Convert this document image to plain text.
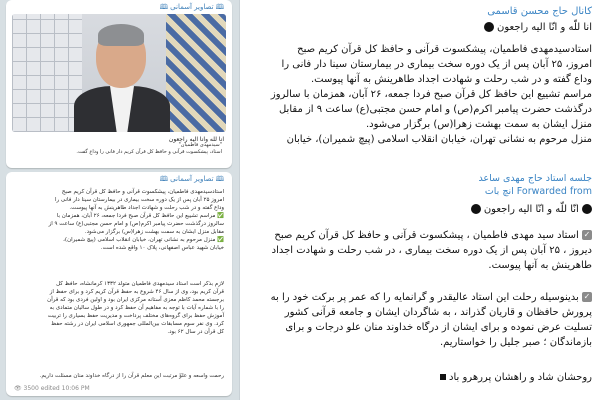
🕮 تصاویر آسمانی 🕮
انا لله وانا الیه راجعون
"سیدمهدی فاطمیان"
استاد، پیشکسوت قرآنی و حافظ کل قرآن کریم دار فانی را وداع گفت.
🕮 تصاویر آسمانی 🕮
استادسیدمهدی فاطمیان، پیشکسوت قرآنی و حافظ کل قرآن کریم صبح
امروز ۲۵ آبان پس از یک دوره سخت بیماری در بیمارستان سینا دار فانی را
وداع گفته و در شب رحلت و شهادت اجداد طاهرینش به آنها پیوست.
✅ مراسم تشییع این حافظ کل قرآن صبح فردا جمعه، ۲۶ آبان، همزمان با
سالروز درگذشت حضرت پیامبر اکرم(ص) و امام حسن مجتبی(ع) ساعت ۹ از
مقابل منزل ایشان به سمت بهشت زهرا(س) برگزار می‌شود.
✅ منزل مرحوم به نشانی تهران، خیابان انقلاب اسلامی (پیچ شمیران)،
خیابان شهید عباس اصفهانی، پلاک ۱۰ واقع شده است.
لازم بذکر است استاد سیدمهدی فاطمیان متولد ۱۳۳۲ کرمانشاه، حافظ کل
قرآن کریم بود، وی از سال ۴۶ شروع به حفظ قرآن کریم کرد و برای حفظ از
برجسته محمد کاظم معزی آستانه مرکزی ایران بود و اولین فردی بود که قرآن
را با شماره آیات با توجه به مفاهیم آن حفظ کرد و در طول سالیان متمادی به
آموزش حفظ برای گروه‌های مختلف پرداخت و مدیریت حفظ بسیاری را تربیت
کرد. وی نفر سوم مسابقات بین‌المللی جمهوری اسلامی ایران در رشته حفظ
کل قرآن در سال ۶۲ بود.
رحمت واسعه و علوّ مرتبت این معلم قرآن را از درگاه خداوند منان مسئلت داریم.
👁 3500 edited 10:06 PM
کانال حاج محسن قاسمی
انا للّه و انّا الیه راجعون
استادسیدمهدی فاطمیان، پیشکسوت قرآنی و حافظ کل قرآن کریم صبح
امروز، ۲۵ آبان پس از یک دوره سخت بیماری در بیمارستان سینا دار فانی را
وداع گفته و در شب رحلت و شهادت اجداد طاهرینش به آنها پیوست.
مراسم تشییع این حافظ کل قرآن صبح فردا جمعه، ۲۶ آبان، همزمان با سالروز
درگذشت حضرت پیامبر اکرم(ص) و امام حسن مجتبی(ع) ساعت ۹ از مقابل
منزل ایشان به سمت بهشت زهرا(س) برگزار می‌شود.
منزل مرحوم به نشانی تهران، خیابان انقلاب اسلامی (پیچ شمیران)، خیابان
جلسه استاد حاج مهدی ساعد
انچ بات Forwarded from
انّا للّه و انّا الیه راجعون
✓ استاد سید مهدی فاطمیان ، پیشکسوت قرآنی و حافظ کل قرآن کریم صبح
دیروز ، ۲۵ آبان پس از یک دوره سخت بیماری ، در شب رحلت و شهادت اجداد
طاهرینش به آنها پیوست.
✓ بدینوسیله رحلت این استاد عالیقدر و گرانمایه را که عمر پر برکت خود را به
پرورش حافظان و قاریان گذراند ، به شاگردان ایشان و جامعه قرآنی کشور
تسلیت عرض نموده و برای ایشان از درگاه خداوند منان علو درجات و برای
بازماندگان ؛ صبر جلیل را خواستاریم.
روحشان شاد و راهشان پررهرو باد
